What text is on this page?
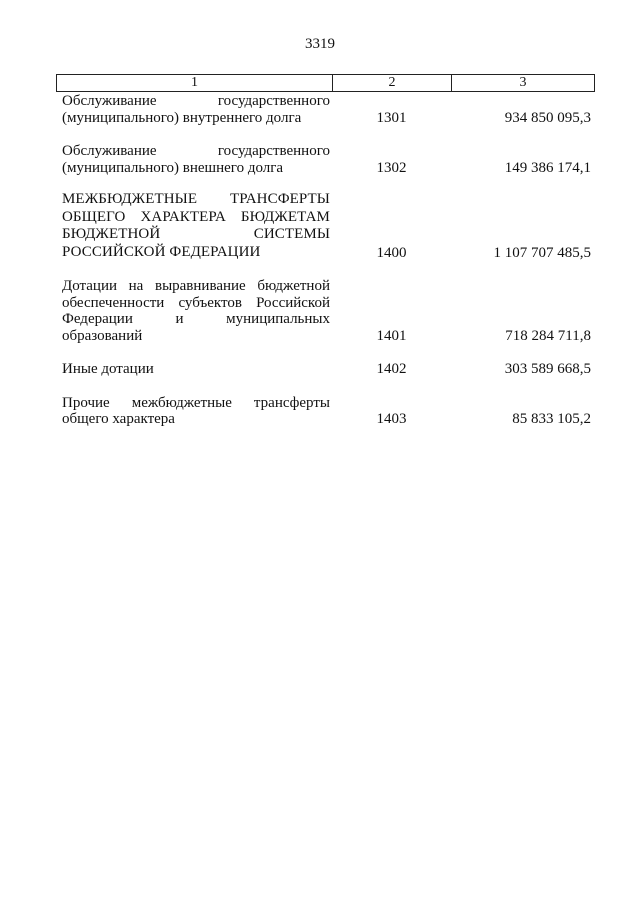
3319
1	2	3
Обслуживание государственного (муниципального) внутреннего долга	1301	934 850 095,3
Обслуживание государственного (муниципального) внешнего долга	1302	149 386 174,1
МЕЖБЮДЖЕТНЫЕ ТРАНСФЕРТЫ ОБЩЕГО ХАРАКТЕРА БЮДЖЕТАМ БЮДЖЕТНОЙ СИСТЕМЫ РОССИЙСКОЙ ФЕДЕРАЦИИ	1400	1 107 707 485,5
Дотации на выравнивание бюджетной обеспеченности субъектов Российской Федерации и муниципальных образований	1401	718 284 711,8
Иные дотации	1402	303 589 668,5
Прочие межбюджетные трансферты общего характера	1403	85 833 105,2
